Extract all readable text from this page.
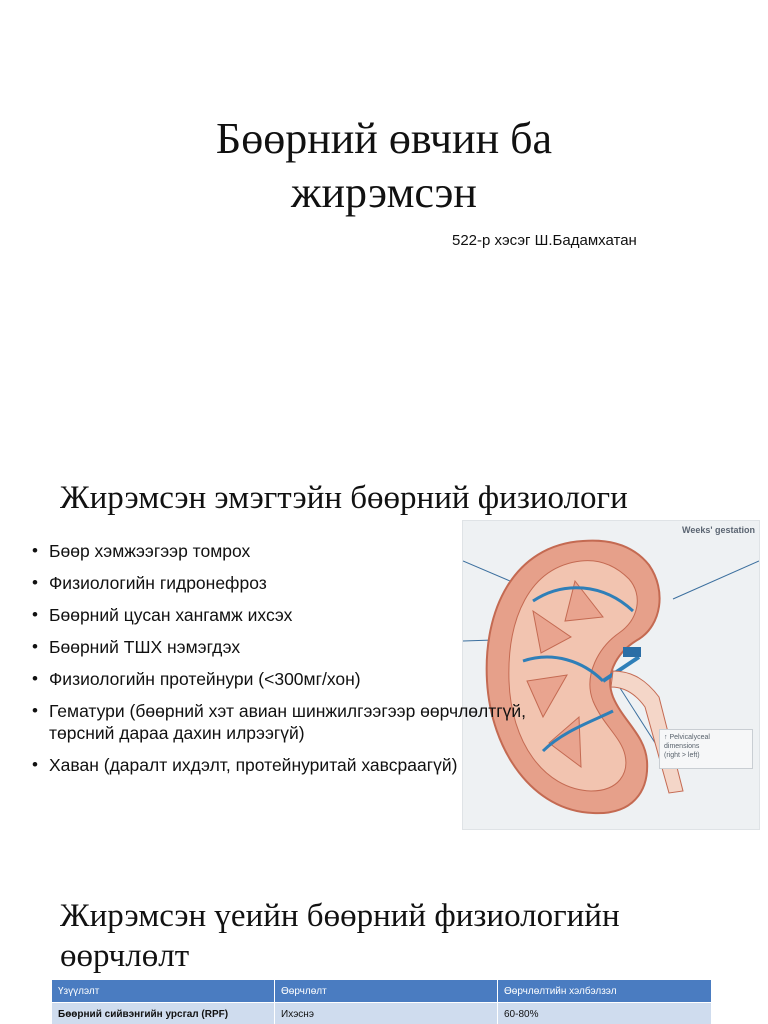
Бөөрний өвчин ба
жирэмсэн
522-р хэсэг Ш.Бадамхатан
Жирэмсэн эмэгтэйн бөөрний физиологи
Weeks' gestation
↑ Pelvicalyceal
dimensions
(right > left)
• Бөөр хэмжээгээр томрох
• Физиологийн гидронефроз
• Бөөрний цусан хангамж ихсэх
• Бөөрний ТШХ нэмэгдэх
• Физиологийн протейнури (<300мг/хон)
• Гематури (бөөрний хэт авиан шинжилгээгээр өөрчлөлтгүй, төрсний дараа дахин илрээгүй)
• Хаван (даралт ихдэлт, протейнуритай хавсраагүй)
Жирэмсэн үеийн бөөрний физиологийн өөрчлөлт
Үзүүлэлт	Өөрчлөлт	Өөрчлөлтийн хэлбэлзэл
Бөөрний сийвэнгийн урсгал (RPF)	Ихэснэ	60-80%
